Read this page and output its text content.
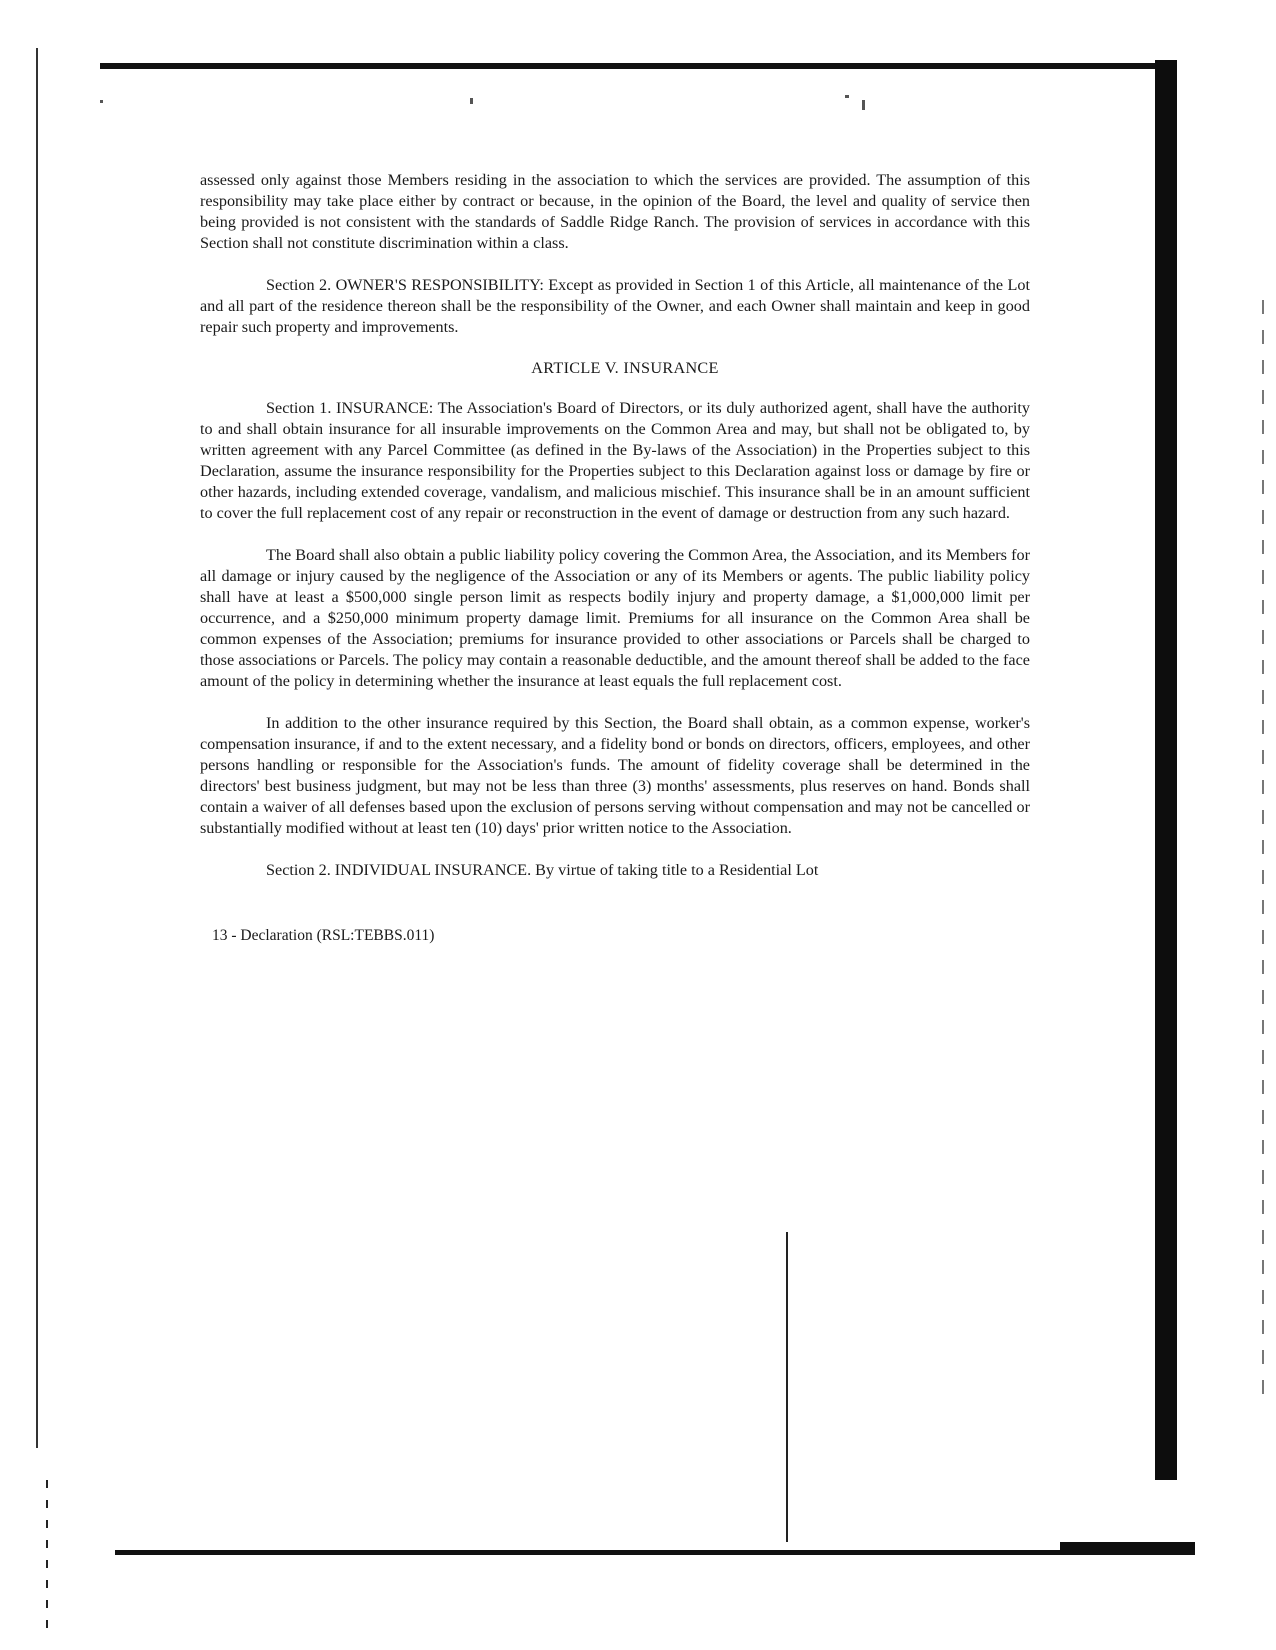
assessed only against those Members residing in the association to which the services are provided. The assumption of this responsibility may take place either by contract or because, in the opinion of the Board, the level and quality of service then being provided is not consistent with the standards of Saddle Ridge Ranch. The provision of services in accordance with this Section shall not constitute discrimination within a class.

Section 2. OWNER'S RESPONSIBILITY: Except as provided in Section 1 of this Article, all maintenance of the Lot and all part of the residence thereon shall be the responsibility of the Owner, and each Owner shall maintain and keep in good repair such property and improvements.

ARTICLE V. INSURANCE

Section 1. INSURANCE: The Association's Board of Directors, or its duly authorized agent, shall have the authority to and shall obtain insurance for all insurable improvements on the Common Area and may, but shall not be obligated to, by written agreement with any Parcel Committee (as defined in the By-laws of the Association) in the Properties subject to this Declaration, assume the insurance responsibility for the Properties subject to this Declaration against loss or damage by fire or other hazards, including extended coverage, vandalism, and malicious mischief. This insurance shall be in an amount sufficient to cover the full replacement cost of any repair or reconstruction in the event of damage or destruction from any such hazard.

The Board shall also obtain a public liability policy covering the Common Area, the Association, and its Members for all damage or injury caused by the negligence of the Association or any of its Members or agents. The public liability policy shall have at least a $500,000 single person limit as respects bodily injury and property damage, a $1,000,000 limit per occurrence, and a $250,000 minimum property damage limit. Premiums for all insurance on the Common Area shall be common expenses of the Association; premiums for insurance provided to other associations or Parcels shall be charged to those associations or Parcels. The policy may contain a reasonable deductible, and the amount thereof shall be added to the face amount of the policy in determining whether the insurance at least equals the full replacement cost.

In addition to the other insurance required by this Section, the Board shall obtain, as a common expense, worker's compensation insurance, if and to the extent necessary, and a fidelity bond or bonds on directors, officers, employees, and other persons handling or responsible for the Association's funds. The amount of fidelity coverage shall be determined in the directors' best business judgment, but may not be less than three (3) months' assessments, plus reserves on hand. Bonds shall contain a waiver of all defenses based upon the exclusion of persons serving without compensation and may not be cancelled or substantially modified without at least ten (10) days' prior written notice to the Association.

Section 2. INDIVIDUAL INSURANCE. By virtue of taking title to a Residential Lot

13 - Declaration (RSL:TEBBS.011)
